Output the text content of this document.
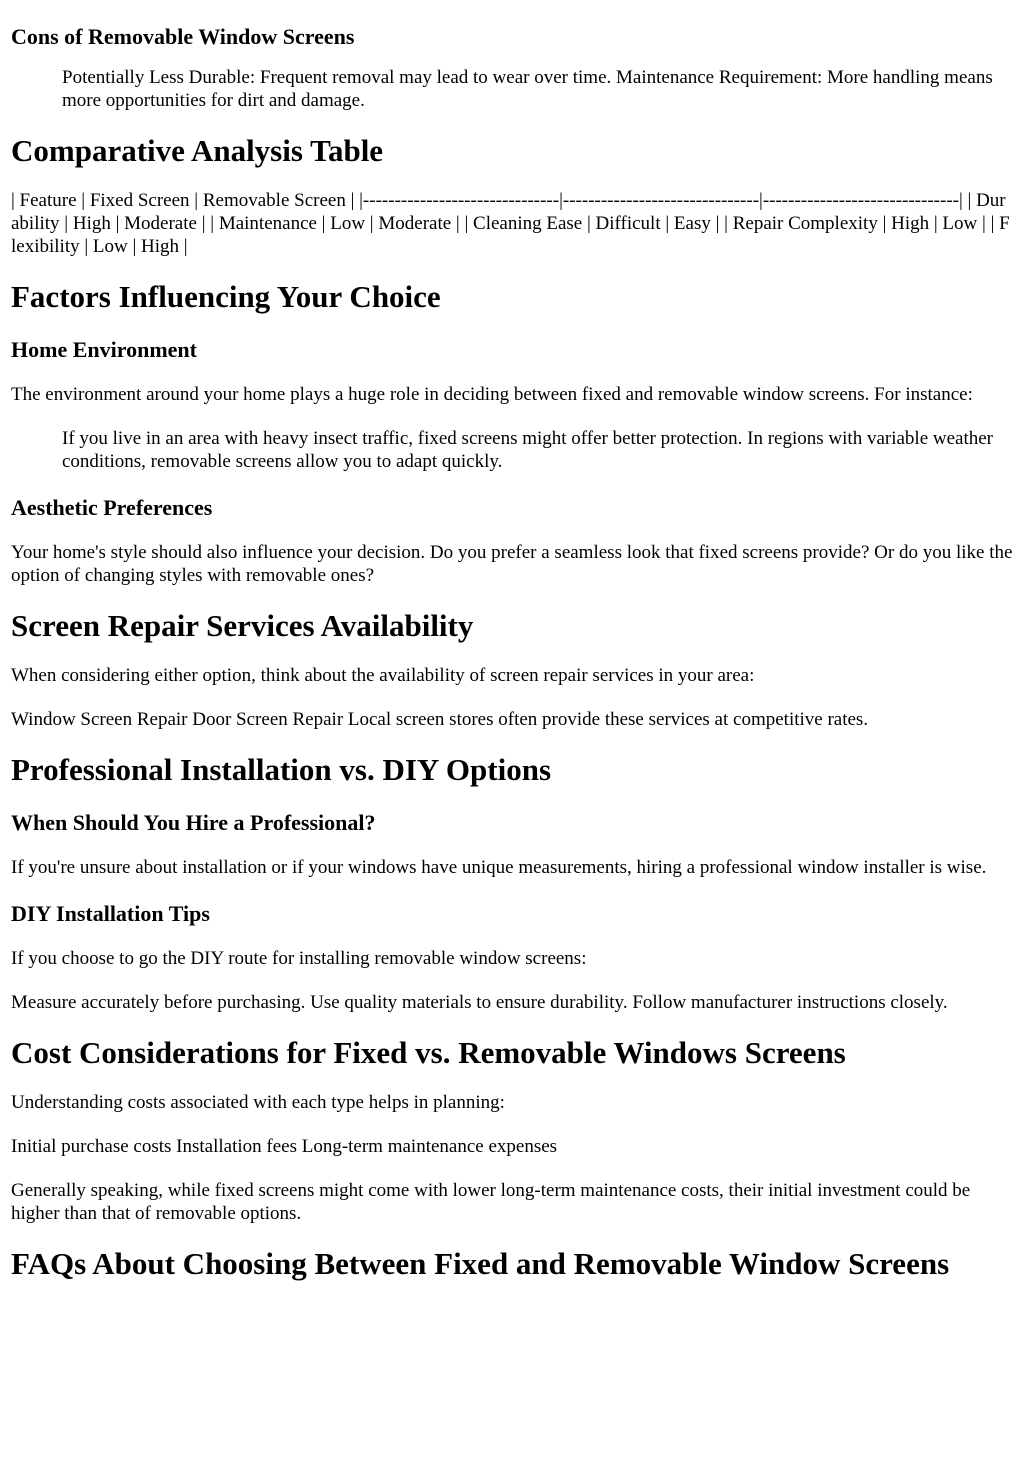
Cons of Removable Window Screens
Potentially Less Durable: Frequent removal may lead to wear over time. Maintenance Requirement: More handling means more opportunities for dirt and damage.
Comparative Analysis Table

| Feature | Fixed Screen | Removable Screen | |-------------------------------|-------------------------------|-------------------------------| | Durability | High | Moderate | | Maintenance | Low | Moderate | | Cleaning Ease | Difficult | Easy | | Repair Complexity | High | Low | | Flexibility | Low | High |

Factors Influencing Your Choice
Home Environment

The environment around your home plays a huge role in deciding between fixed and removable window screens. For instance:

If you live in an area with heavy insect traffic, fixed screens might offer better protection. In regions with variable weather conditions, removable screens allow you to adapt quickly.
Aesthetic Preferences

Your home's style should also influence your decision. Do you prefer a seamless look that fixed screens provide? Or do you like the option of changing styles with removable ones?

Screen Repair Services Availability

When considering either option, think about the availability of screen repair services in your area:

Window Screen Repair Door Screen Repair Local screen stores often provide these services at competitive rates.

Professional Installation vs. DIY Options
When Should You Hire a Professional?

If you're unsure about installation or if your windows have unique measurements, hiring a professional window installer is wise.

DIY Installation Tips

If you choose to go the DIY route for installing removable window screens:

Measure accurately before purchasing. Use quality materials to ensure durability. Follow manufacturer instructions closely.

Cost Considerations for Fixed vs. Removable Windows Screens

Understanding costs associated with each type helps in planning:

Initial purchase costs Installation fees Long-term maintenance expenses

Generally speaking, while fixed screens might come with lower long-term maintenance costs, their initial investment could be higher than that of removable options.

FAQs About Choosing Between Fixed and Removable Window Screens
